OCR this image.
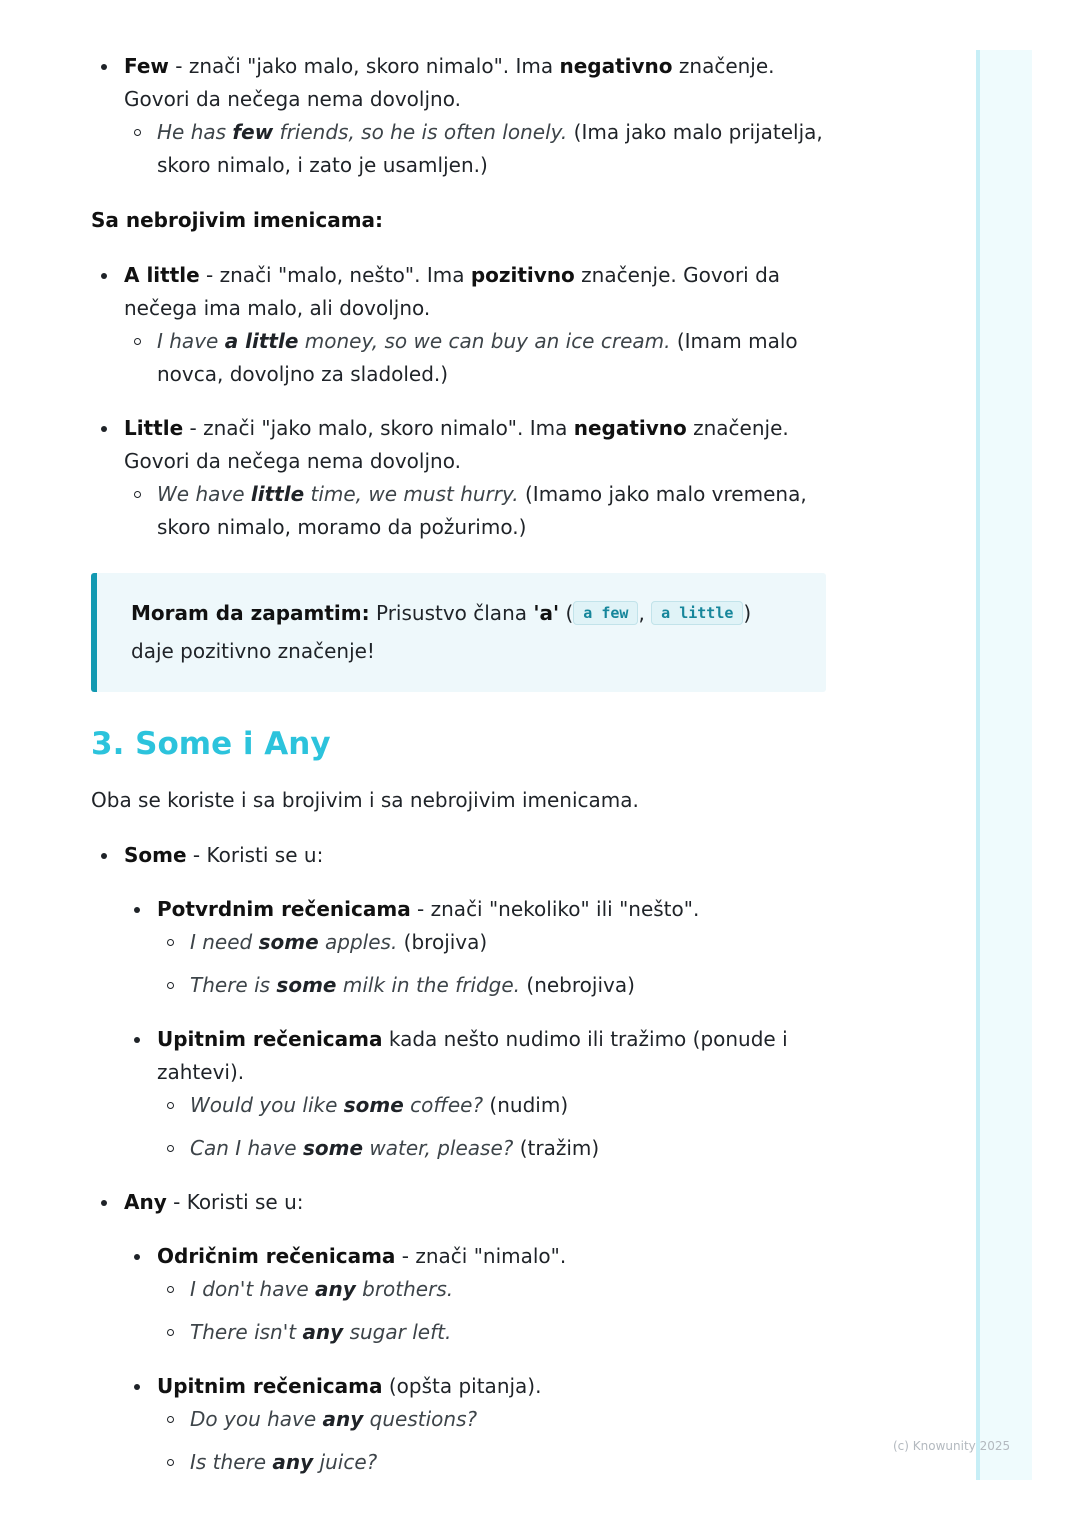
(c) Knowunity 2025
Few - znači "jako malo, skoro nimalo". Ima negativno značenje. Govori da nečega nema dovoljno.
He has few friends, so he is often lonely. (Ima jako malo prijatelja, skoro nimalo, i zato je usamljen.)

Sa nebrojivim imenicama:

A little - znači "malo, nešto". Ima pozitivno značenje. Govori da nečega ima malo, ali dovoljno.
I have a little money, so we can buy an ice cream. (Imam malo novca, dovoljno za sladoled.)
Little - znači "jako malo, skoro nimalo". Ima negativno značenje. Govori da nečega nema dovoljno.
We have little time, we must hurry. (Imamo jako malo vremena, skoro nimalo, moramo da požurimo.)
Moram da zapamtim: Prisustvo člana 'a' ( a few , a little )
daje pozitivno značenje!
3. Some i Any

Oba se koriste i sa brojivim i sa nebrojivim imenicama.

Some - Koristi se u:
Potvrdnim rečenicama - znači "nekoliko" ili "nešto".
I need some apples. (brojiva)
There is some milk in the fridge. (nebrojiva)
Upitnim rečenicama kada nešto nudimo ili tražimo (ponude i zahtevi).
Would you like some coffee? (nudim)
Can I have some water, please? (tražim)
Any - Koristi se u:
Odričnim rečenicama - znači "nimalo".
I don't have any brothers.
There isn't any sugar left.
Upitnim rečenicama (opšta pitanja).
Do you have any questions?
Is there any juice?
